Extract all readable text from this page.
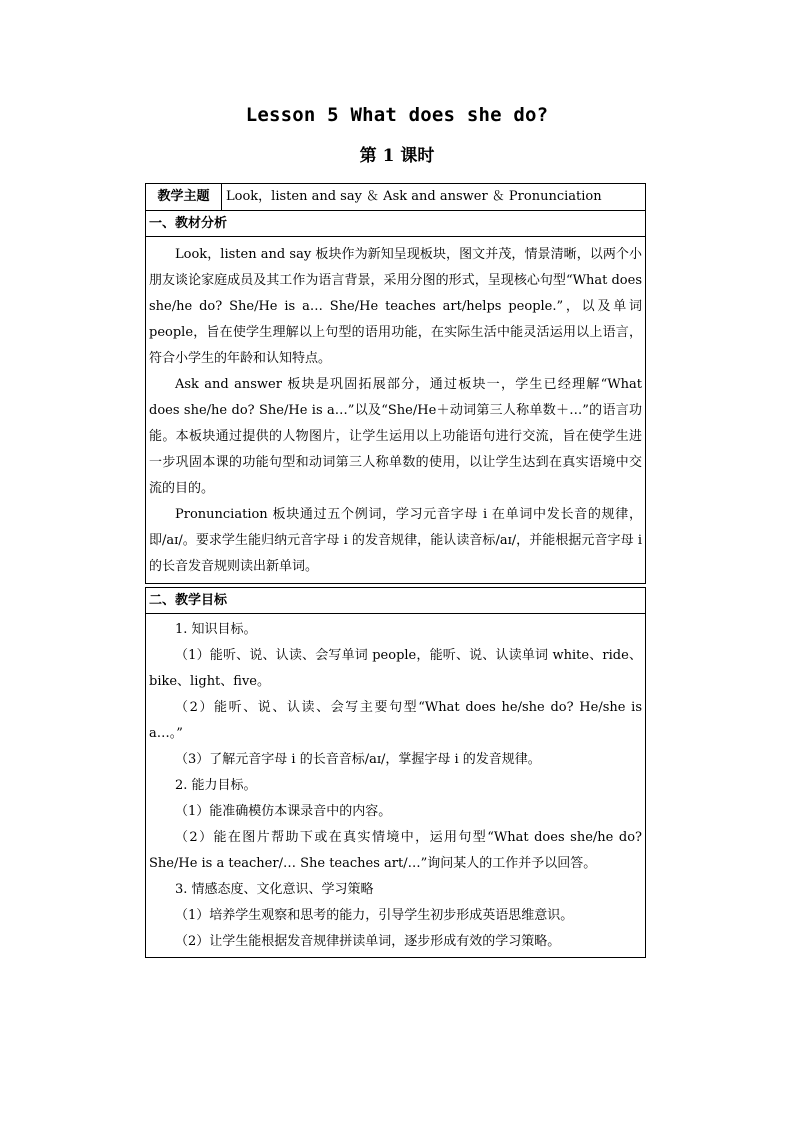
Lesson 5 What does she do?
第 1 课时
教学主题	Look，listen and say ＆ Ask and answer ＆ Pronunciation
一、教材分析

Look，listen and say 板块作为新知呈现板块，图文并茂，情景清晰，以两个小朋友谈论家庭成员及其工作为语言背景，采用分图的形式，呈现核心句型“What does she/he do? She/He is a… She/He teaches art/helps people.”，以及单词 people，旨在使学生理解以上句型的语用功能，在实际生活中能灵活运用以上语言，符合小学生的年龄和认知特点。

Ask and answer 板块是巩固拓展部分，通过板块一，学生已经理解“What does she/he do? She/He is a…”以及“She/He＋动词第三人称单数＋…”的语言功能。本板块通过提供的人物图片，让学生运用以上功能语句进行交流，旨在使学生进一步巩固本课的功能句型和动词第三人称单数的使用，以让学生达到在真实语境中交流的目的。

Pronunciation 板块通过五个例词，学习元音字母 i 在单词中发长音的规律，即/aɪ/。要求学生能归纳元音字母 i 的发音规律，能认读音标/aɪ/，并能根据元音字母 i 的长音发音规则读出新单词。

二、教学目标

1. 知识目标。

（1）能听、说、认读、会写单词 people，能听、说、认读单词 white、ride、bike、light、five。

（2）能听、说、认读、会写主要句型“What does he/she do? He/she is a…。”

（3）了解元音字母 i 的长音音标/aɪ/，掌握字母 i 的发音规律。

2. 能力目标。

（1）能准确模仿本课录音中的内容。

（2）能在图片帮助下或在真实情境中，运用句型“What does she/he do? She/He is a teacher/… She teaches art/…”询问某人的工作并予以回答。

3. 情感态度、文化意识、学习策略

（1）培养学生观察和思考的能力，引导学生初步形成英语思维意识。

（2）让学生能根据发音规律拼读单词，逐步形成有效的学习策略。
